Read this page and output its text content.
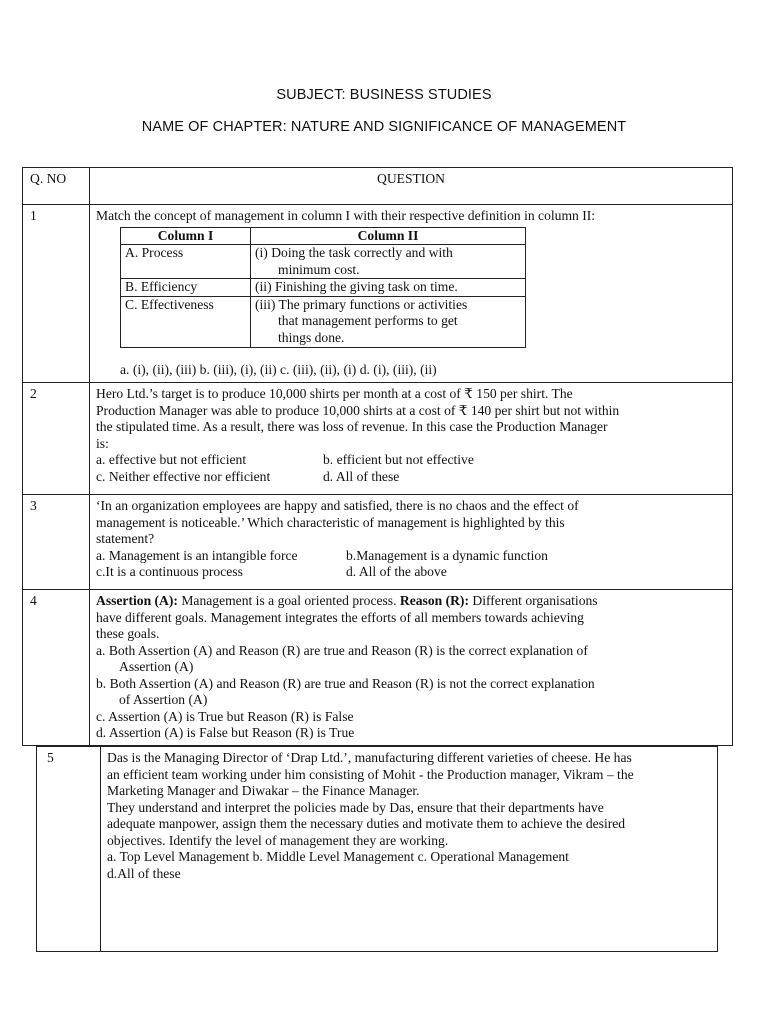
SUBJECT: BUSINESS STUDIES
NAME OF CHAPTER: NATURE AND SIGNIFICANCE OF MANAGEMENT
Q. NO	QUESTION
1	Match the concept of management in column I with their respective definition in column II:
Column I	Column II
A. Process	(i) Doing the task correctly and with
minimum cost.

B. Efficiency	(ii) Finishing the giving task on time.

C. Effectiveness	(iii) The primary functions or activities
that management performs to get
things done.
a. (i), (ii), (iii) b. (iii), (i), (ii) c. (iii), (ii), (i) d. (i), (iii), (ii)

2	Hero Ltd.’s target is to produce 10,000 shirts per month at a cost of ₹ 150 per shirt. The
Production Manager was able to produce 10,000 shirts at a cost of ₹ 140 per shirt but not within
the stipulated time. As a result, there was loss of revenue. In this case the Production Manager
is:
a. effective but not efficient	b. efficient but not effective
c. Neither effective nor efficient	d. All of these

3	‘In an organization employees are happy and satisfied, there is no chaos and the effect of
management is noticeable.’ Which characteristic of management is highlighted by this
statement?
a. Management is an intangible force	b.Management is a dynamic function
c.It is a continuous process	d. All of the above

4	Assertion (A): Management is a goal oriented process. Reason (R): Different organisations
have different goals. Management integrates the efforts of all members towards achieving
these goals.
a. Both Assertion (A) and Reason (R) are true and Reason (R) is the correct explanation of
Assertion (A)
b. Both Assertion (A) and Reason (R) are true and Reason (R) is not the correct explanation
of Assertion (A)
c. Assertion (A) is True but Reason (R) is False
d. Assertion (A) is False but Reason (R) is True
5	Das is the Managing Director of ‘Drap Ltd.’, manufacturing different varieties of cheese. He has
an efficient team working under him consisting of Mohit - the Production manager, Vikram – the
Marketing Manager and Diwakar – the Finance Manager.
They understand and interpret the policies made by Das, ensure that their departments have
adequate manpower, assign them the necessary duties and motivate them to achieve the desired
objectives. Identify the level of management they are working.
a. Top Level Management b. Middle Level Management c. Operational Management
d.All of these
